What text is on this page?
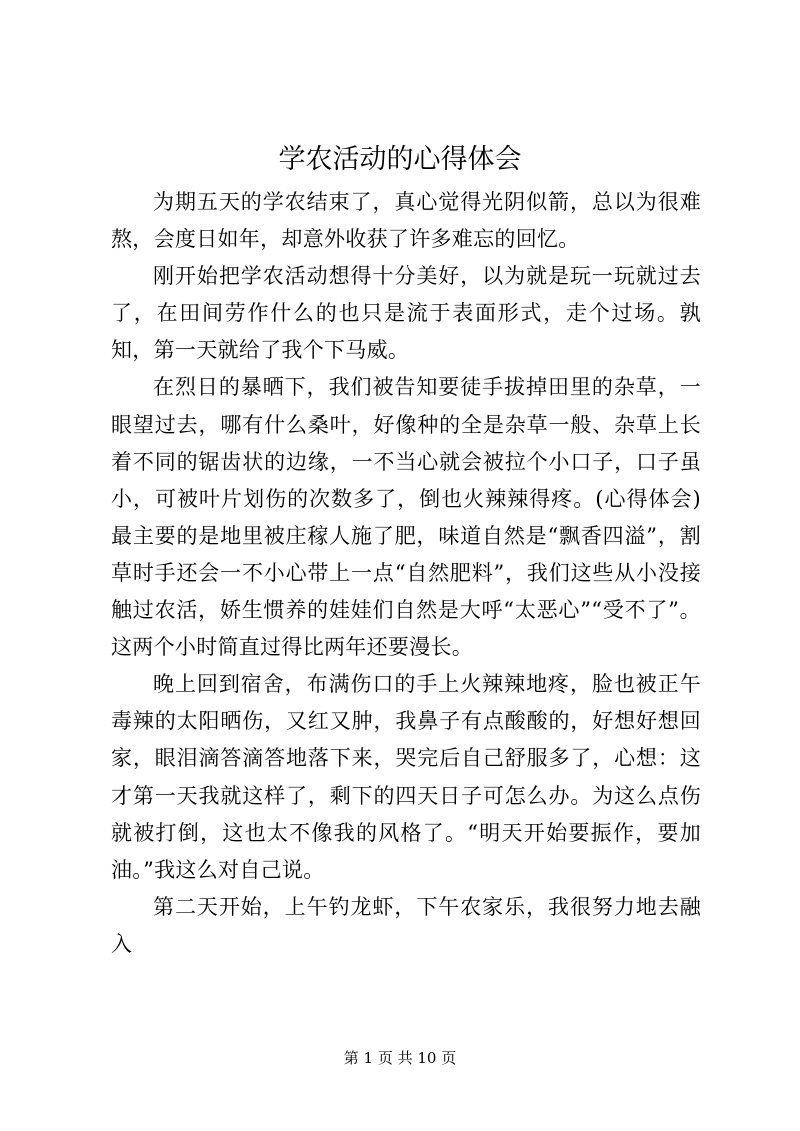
学农活动的心得体会

为期五天的学农结束了，真心觉得光阴似箭，总以为很难熬，会度日如年，却意外收获了许多难忘的回忆。

刚开始把学农活动想得十分美好，以为就是玩一玩就过去了，在田间劳作什么的也只是流于表面形式，走个过场。孰知，第一天就给了我个下马威。

在烈日的暴晒下，我们被告知要徒手拔掉田里的杂草，一眼望过去，哪有什么桑叶，好像种的全是杂草一般、杂草上长着不同的锯齿状的边缘，一不当心就会被拉个小口子，口子虽小，可被叶片划伤的次数多了，倒也火辣辣得疼。(心得体会) 最主要的是地里被庄稼人施了肥，味道自然是“飘香四溢”，割草时手还会一不小心带上一点“自然肥料”，我们这些从小没接触过农活，娇生惯养的娃娃们自然是大呼“太恶心”“受不了”。这两个小时简直过得比两年还要漫长。

晚上回到宿舍，布满伤口的手上火辣辣地疼，脸也被正午毒辣的太阳晒伤，又红又肿，我鼻子有点酸酸的，好想好想回家，眼泪滴答滴答地落下来，哭完后自己舒服多了，心想：这才第一天我就这样了，剩下的四天日子可怎么办。为这么点伤就被打倒，这也太不像我的风格了。“明天开始要振作，要加油。”我这么对自己说。

第二天开始，上午钓龙虾，下午农家乐，我很努力地去融入

第 1 页 共 10 页
